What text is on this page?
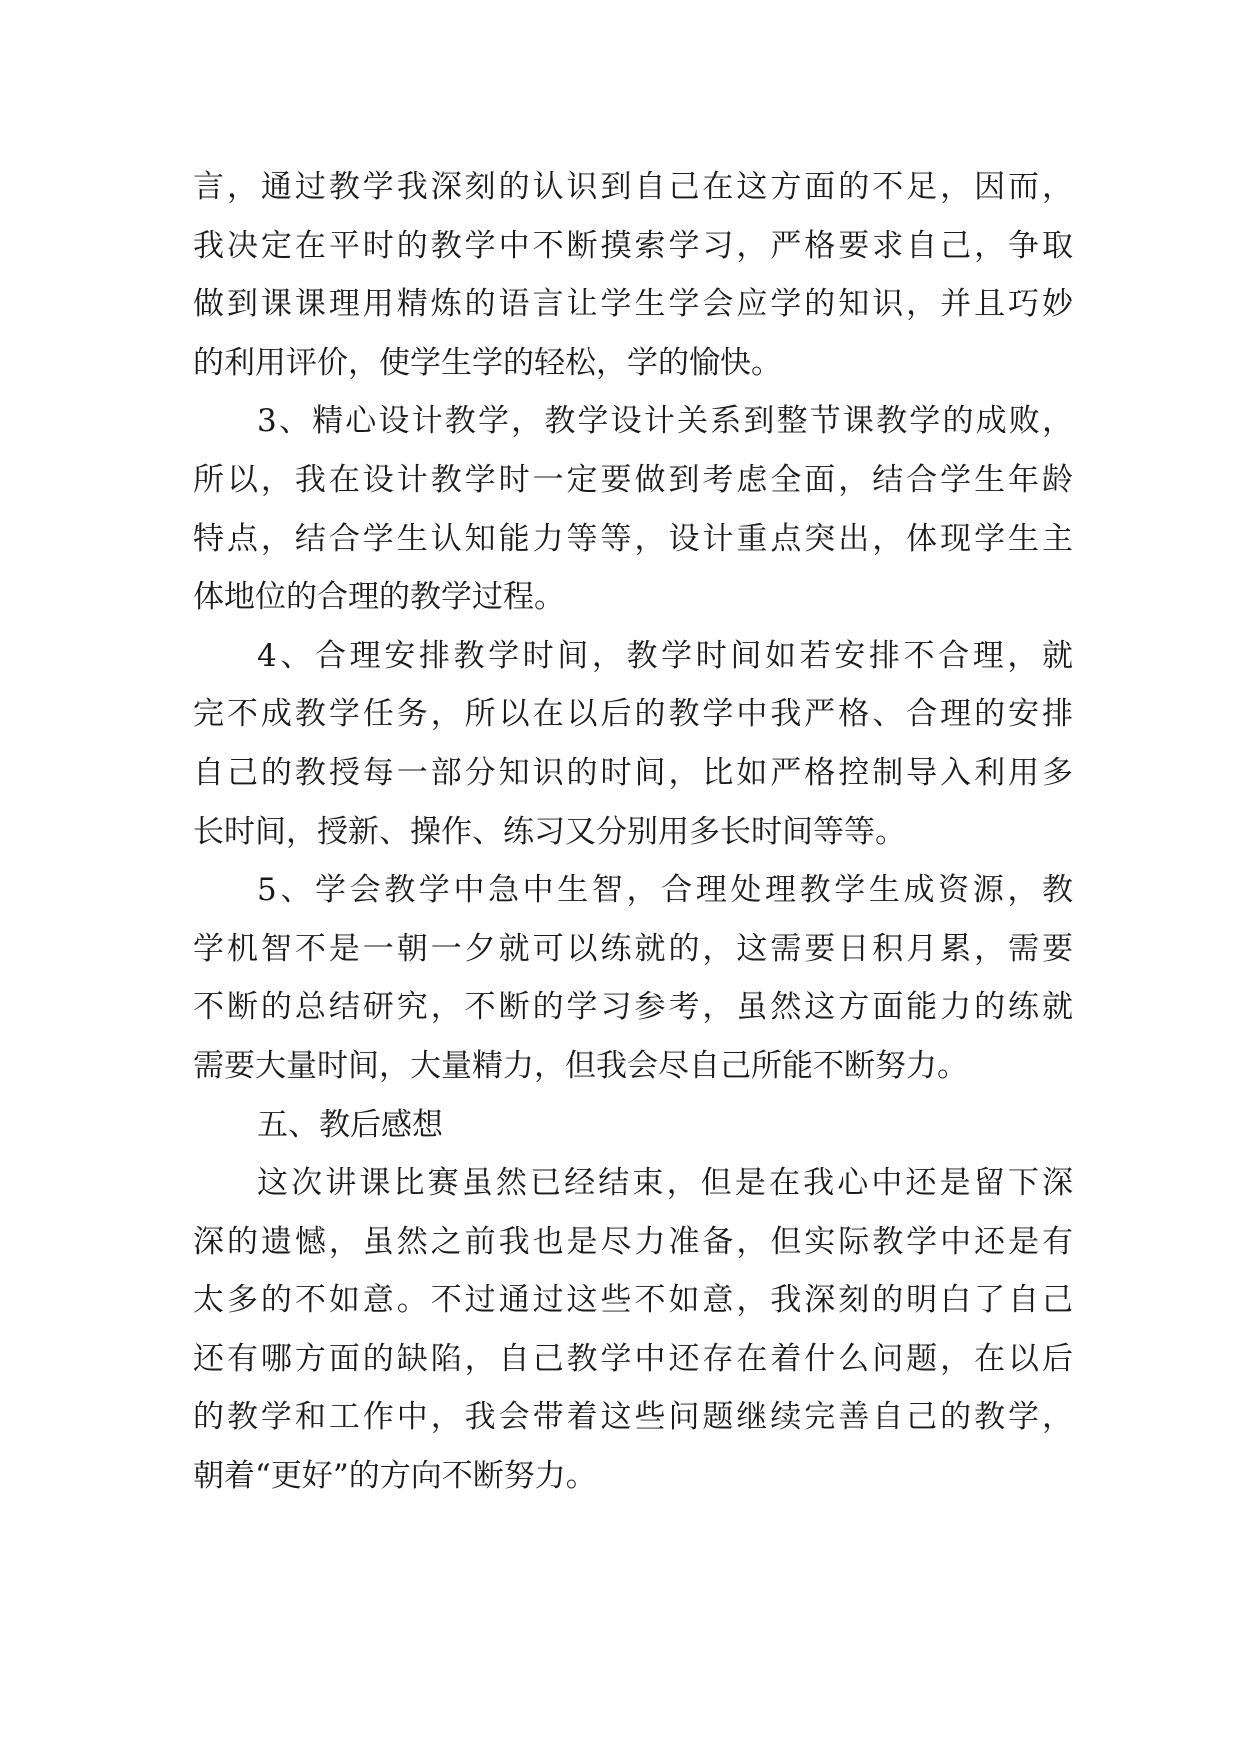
言，通过教学我深刻的认识到自己在这方面的不足，因而，
我决定在平时的教学中不断摸索学习，严格要求自己，争取
做到课课理用精炼的语言让学生学会应学的知识，并且巧妙
的利用评价，使学生学的轻松，学的愉快。
3、精心设计教学，教学设计关系到整节课教学的成败，
所以，我在设计教学时一定要做到考虑全面，结合学生年龄
特点，结合学生认知能力等等，设计重点突出，体现学生主
体地位的合理的教学过程。
4、合理安排教学时间，教学时间如若安排不合理，就
完不成教学任务，所以在以后的教学中我严格、合理的安排
自己的教授每一部分知识的时间，比如严格控制导入利用多
长时间，授新、操作、练习又分别用多长时间等等。
5、学会教学中急中生智，合理处理教学生成资源，教
学机智不是一朝一夕就可以练就的，这需要日积月累，需要
不断的总结研究，不断的学习参考，虽然这方面能力的练就
需要大量时间，大量精力，但我会尽自己所能不断努力。
五、教后感想
这次讲课比赛虽然已经结束，但是在我心中还是留下深
深的遗憾，虽然之前我也是尽力准备，但实际教学中还是有
太多的不如意。不过通过这些不如意，我深刻的明白了自己
还有哪方面的缺陷，自己教学中还存在着什么问题，在以后
的教学和工作中，我会带着这些问题继续完善自己的教学，
朝着“更好”的方向不断努力。
